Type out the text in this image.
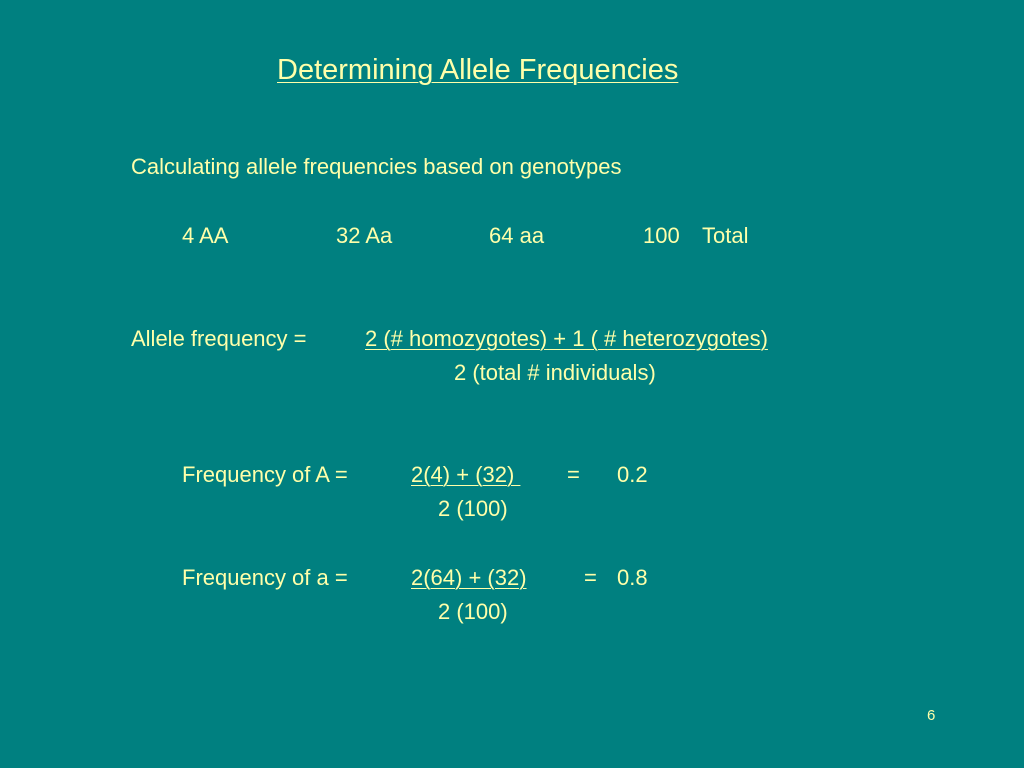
Determining Allele Frequencies
Calculating allele frequencies based on genotypes
4 AA	32 Aa	64 aa	100 Total
Allele frequency =	2 (# homozygotes) + 1 ( # heterozygotes)
2 (total # individuals)
Frequency of A =	2(4) + (32) = 0.2
2 (100)
Frequency of a =	2(64) + (32)	= 0.8
2 (100)
6
